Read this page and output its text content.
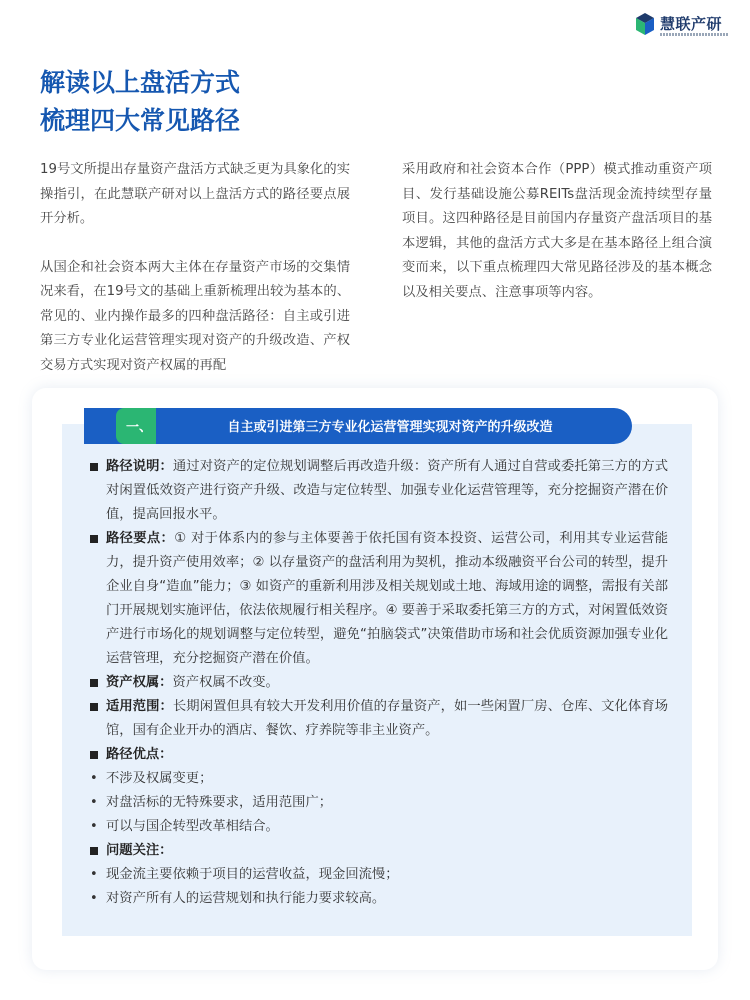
慧联产研
解读以上盘活方式
梳理四大常见路径

19号文所提出存量资产盘活方式缺乏更为具象化的实操指引，在此慧联产研对以上盘活方式的路径要点展开分析。

从国企和社会资本两大主体在存量资产市场的交集情况来看，在19号文的基础上重新梳理出较为基本的、常见的、业内操作最多的四种盘活路径：自主或引进第三方专业化运营管理实现对资产的升级改造、产权交易方式实现对资产权属的再配

采用政府和社会资本合作（PPP）模式推动重资产项目、发行基础设施公募REITs盘活现金流持续型存量项目。这四种路径是目前国内存量资产盘活项目的基本逻辑，其他的盘活方式大多是在基本路径上组合演变而来，以下重点梳理四大常见路径涉及的基本概念以及相关要点、注意事项等内容。

一、	自主或引进第三方专业化运营管理实现对资产的升级改造

路径说明：通过对资产的定位规划调整后再改造升级：资产所有人通过自营或委托第三方的方式对闲置低效资产进行资产升级、改造与定位转型、加强专业化运营管理等，充分挖掘资产潜在价值，提高回报水平。

路径要点：① 对于体系内的参与主体要善于依托国有资本投资、运营公司，利用其专业运营能力，提升资产使用效率；② 以存量资产的盘活利用为契机，推动本级融资平台公司的转型，提升企业自身“造血”能力；③ 如资产的重新利用涉及相关规划或土地、海域用途的调整，需报有关部门开展规划实施评估，依法依规履行相关程序。④ 要善于采取委托第三方的方式，对闲置低效资产进行市场化的规划调整与定位转型，避免“拍脑袋式”决策借助市场和社会优质资源加强专业化运营管理，充分挖掘资产潜在价值。

资产权属：资产权属不改变。

适用范围：长期闲置但具有较大开发利用价值的存量资产，如一些闲置厂房、仓库、文化体育场馆，国有企业开办的酒店、餐饮、疗养院等非主业资产。

路径优点：

• 不涉及权属变更；

• 对盘活标的无特殊要求，适用范围广；

• 可以与国企转型改革相结合。

问题关注：

• 现金流主要依赖于项目的运营收益，现金回流慢；

• 对资产所有人的运营规划和执行能力要求较高。
